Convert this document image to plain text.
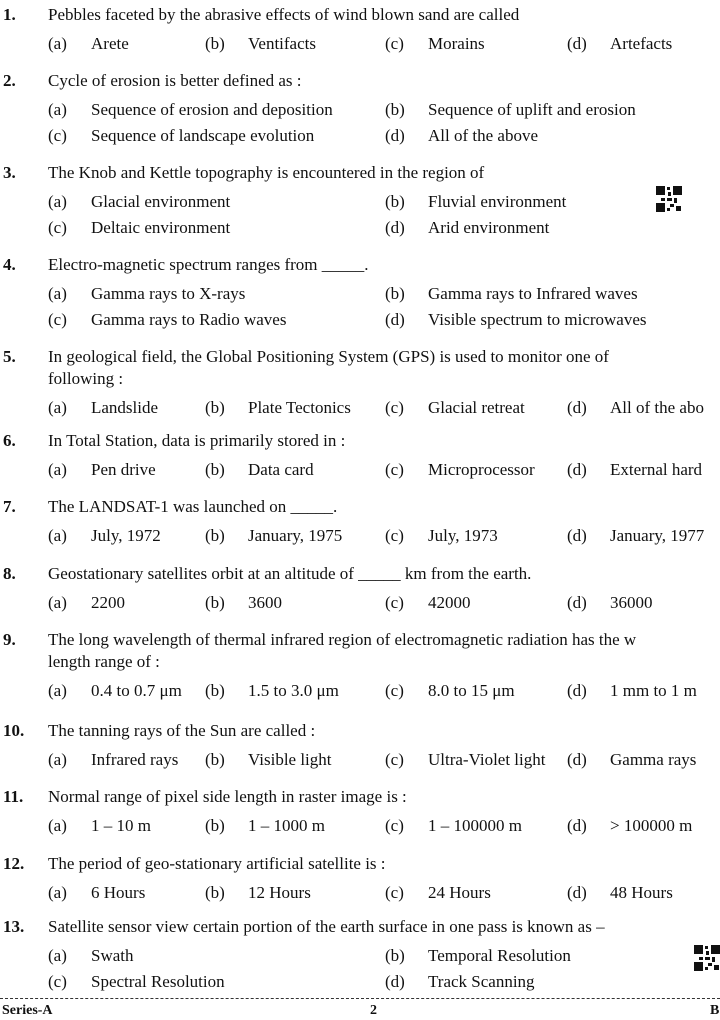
1. Pebbles faceted by the abrasive effects of wind blown sand are called
(a) Arete	(b) Ventifacts	(c) Morains	(d) Artefacts
2. Cycle of erosion is better defined as :
(a) Sequence of erosion and deposition	(b) Sequence of uplift and erosion
(c) Sequence of landscape evolution	(d) All of the above
3. The Knob and Kettle topography is encountered in the region of
(a) Glacial environment	(b) Fluvial environment
(c) Deltaic environment	(d) Arid environment
4. Electro-magnetic spectrum ranges from _____.
(a) Gamma rays to X-rays	(b) Gamma rays to Infrared waves
(c) Gamma rays to Radio waves	(d) Visible spectrum to microwaves
5. In geological field, the Global Positioning System (GPS) is used to monitor one of
following :
(a) Landslide	(b) Plate Tectonics (c) Glacial retreat (d) All of the abo
6. In Total Station, data is primarily stored in :
(a) Pen drive	(b) Data card	(c) Microprocessor (d) External hard
7. The LANDSAT-1 was launched on _____.
(a) July, 1972	(b) January, 1975	(c) July, 1973	(d) January, 1977
8. Geostationary satellites orbit at an altitude of _____ km from the earth.
(a) 2200	(b) 3600	(c) 42000	(d) 36000
9. The long wavelength of thermal infrared region of electromagnetic radiation has the w
length range of :
(a) 0.4 to 0.7 μm (b) 1.5 to 3.0 μm	(c) 8.0 to 15 μm	(d) 1 mm to 1 m
10. The tanning rays of the Sun are called :
(a) Infrared rays (b) Visible light	(c) Ultra-Violet light (d) Gamma rays
11. Normal range of pixel side length in raster image is :
(a) 1 – 10 m	(b) 1 – 1000 m	(c) 1 – 100000 m	(d) > 100000 m
12. The period of geo-stationary artificial satellite is :
(a) 6 Hours	(b) 12 Hours	(c) 24 Hours	(d) 48 Hours
13. Satellite sensor view certain portion of the earth surface in one pass is known as –
(a) Swath	(b) Temporal Resolution
(c) Spectral Resolution	(d) Track Scanning
Series-A	2	B
